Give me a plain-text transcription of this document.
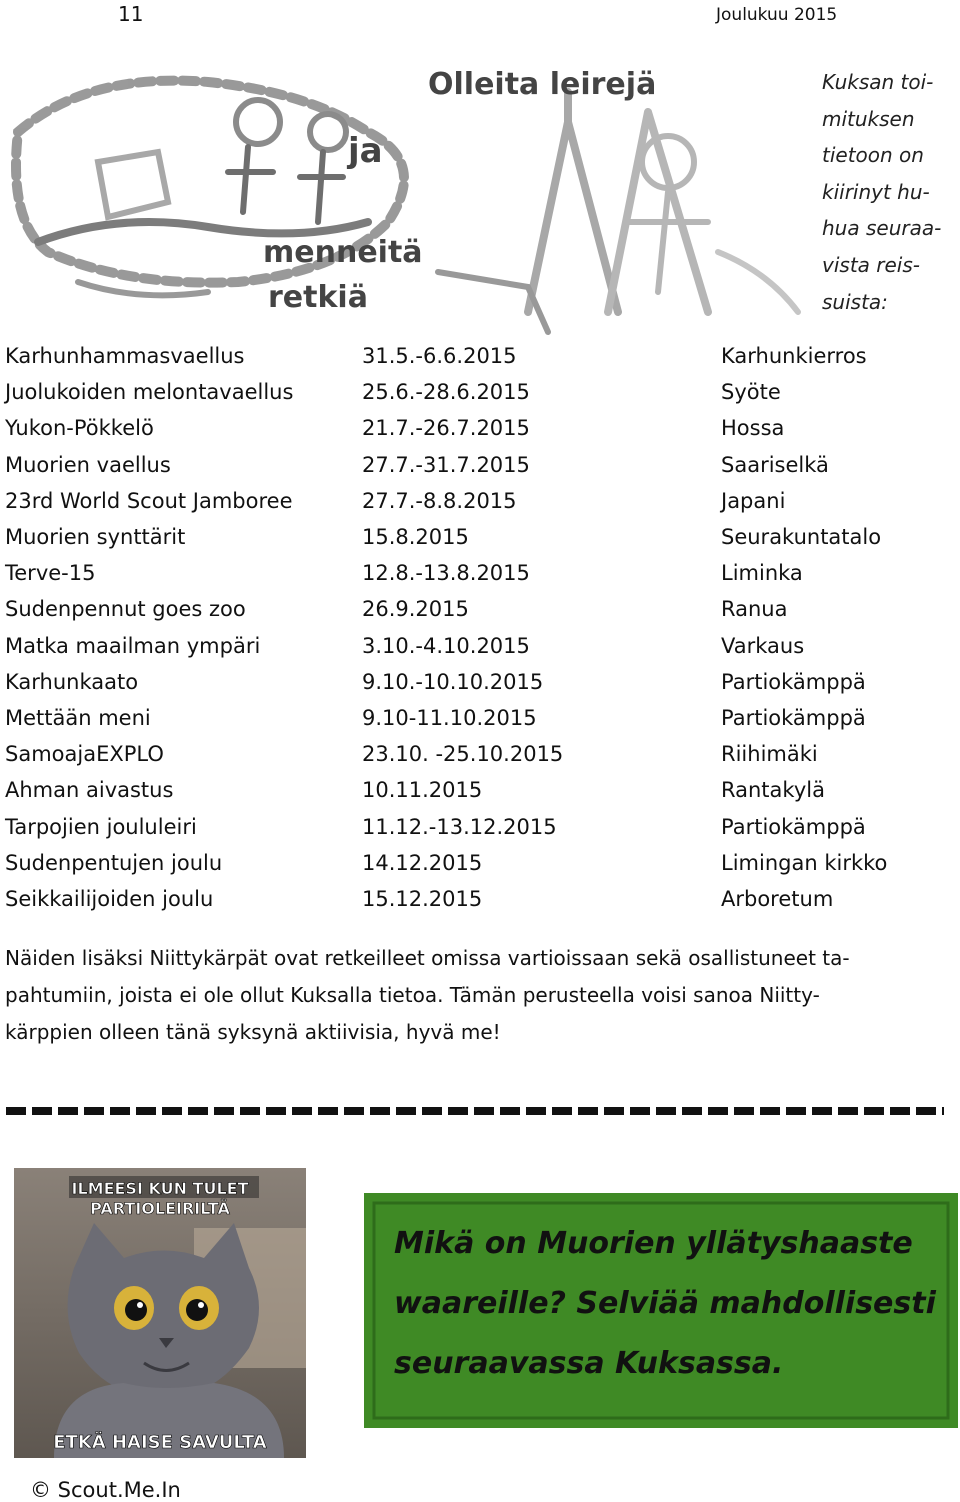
11	Joulukuu 2015
Olleita leirejä
ja
menneitä
retkiä
Kuksan toi-
mituksen
tietoon on
kiirinyt hu-
hua seuraa-
vista reis-
suista:
Karhunhammasvaellus	31.5.-6.6.2015	Karhunkierros
Juolukoiden melontavaellus	25.6.-28.6.2015	Syöte
Yukon-Pökkelö	21.7.-26.7.2015	Hossa
Muorien vaellus	27.7.-31.7.2015	Saariselkä
23rd World Scout Jamboree	27.7.-8.8.2015	Japani
Muorien synttärit	15.8.2015	Seurakuntatalo
Terve-15	12.8.-13.8.2015	Liminka
Sudenpennut goes zoo	26.9.2015	Ranua
Matka maailman ympäri	3.10.-4.10.2015	Varkaus
Karhunkaato	9.10.-10.10.2015	Partiokämppä
Mettään meni	9.10-11.10.2015	Partiokämppä
SamoajaEXPLO	23.10. -25.10.2015	Riihimäki
Ahman aivastus	10.11.2015	Rantakylä
Tarpojien joululeiri	11.12.-13.12.2015	Partiokämppä
Sudenpentujen joulu	14.12.2015	Limingan kirkko
Seikkailijoiden joulu	15.12.2015	Arboretum
Näiden lisäksi Niittykärpät ovat retkeilleet omissa vartioissaan sekä osallistuneet ta-
pahtumiin, joista ei ole ollut Kuksalla tietoa. Tämän perusteella voisi sanoa Niitty-
kärppien olleen tänä syksynä aktiivisia, hyvä me!
ILMEESI KUN TULET
PARTIOLEIRILTÄ
ETKÄ HAISE SAVULTA
Mikä on Muorien yllätyshaaste
waareille? Selviää mahdollisesti
seuraavassa Kuksassa.
© Scout.Me.In
